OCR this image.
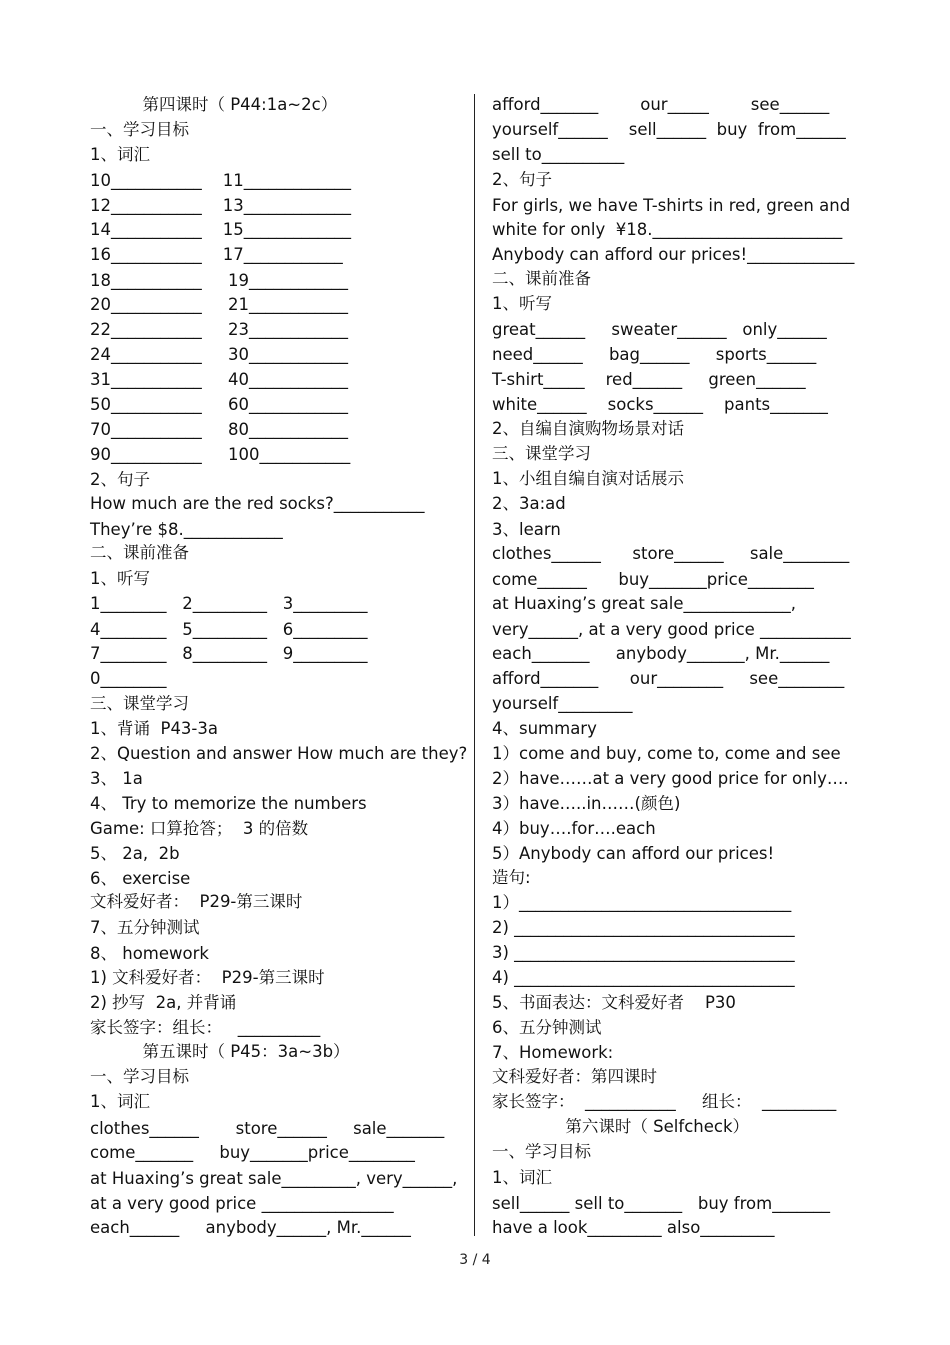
第四课时（ P44:1a~2c）
一、学习目标
1、词汇
10___________    11_____________
12___________    13_____________
14___________    15_____________
16___________    17____________
18___________     19____________
20___________     21____________
22___________     23____________
24___________     30____________
31___________     40____________
50___________     60____________
70___________     80____________
90___________     100___________
2、句子
How much are the red socks?___________
They’re $8.____________
二、课前准备
1、听写
1________   2_________   3_________
4________   5_________   6_________
7________   8_________   9_________
0________
三、课堂学习
1、背诵  P43-3a
2、Question and answer How much are they?
3、 1a
4、 Try to memorize the numbers
Game: 口算抢答；  3 的倍数
5、 2a,  2b
6、 exercise
文科爱好者：  P29-第三课时
7、五分钟测试
8、 homework
1) 文科爱好者：  P29-第三课时
2) 抄写  2a, 并背诵
家长签字：组长：   __________
第五课时（ P45：3a~3b）
一、学习目标
1、词汇
clothes______       store______     sale_______
come_______     buy_______price________
at Huaxing’s great sale_________, very______,
at a very good price ________________
each______     anybody______, Mr.______
afford_______        our_____        see______
yourself______    sell______  buy  from______
sell to__________
2、句子
For girls, we have T-shirts in red, green and
white for only  ¥18._______________________
Anybody can afford our prices!_____________
二、课前准备
1、听写
great______     sweater______   only______
need______     bag______     sports______
T-shirt_____    red______     green______
white______    socks______    pants_______
2、自编自演购物场景对话
三、课堂学习
1、小组自编自演对话展示
2、3a:ad
3、learn
clothes______      store______     sale________
come______      buy_______price________
at Huaxing’s great sale_____________,
very______, at a very good price ___________
each_______     anybody_______, Mr.______
afford_______      our________     see________
yourself_________
4、summary
1）come and buy, come to, come and see
2）have……at a very good price for only….
3）have…..in……(颜色)
4）buy….for….each
5）Anybody can afford our prices!
造句:
1）_________________________________
2) __________________________________
3) __________________________________
4) __________________________________
5、书面表达：文科爱好者    P30
6、五分钟测试
7、Homework:
文科爱好者：第四课时
家长签字：  ___________     组长：  _________
第六课时（ Selfcheck）
一、学习目标
1、词汇
sell______ sell to_______   buy from_______
have a look_________ also_________
3 / 4
